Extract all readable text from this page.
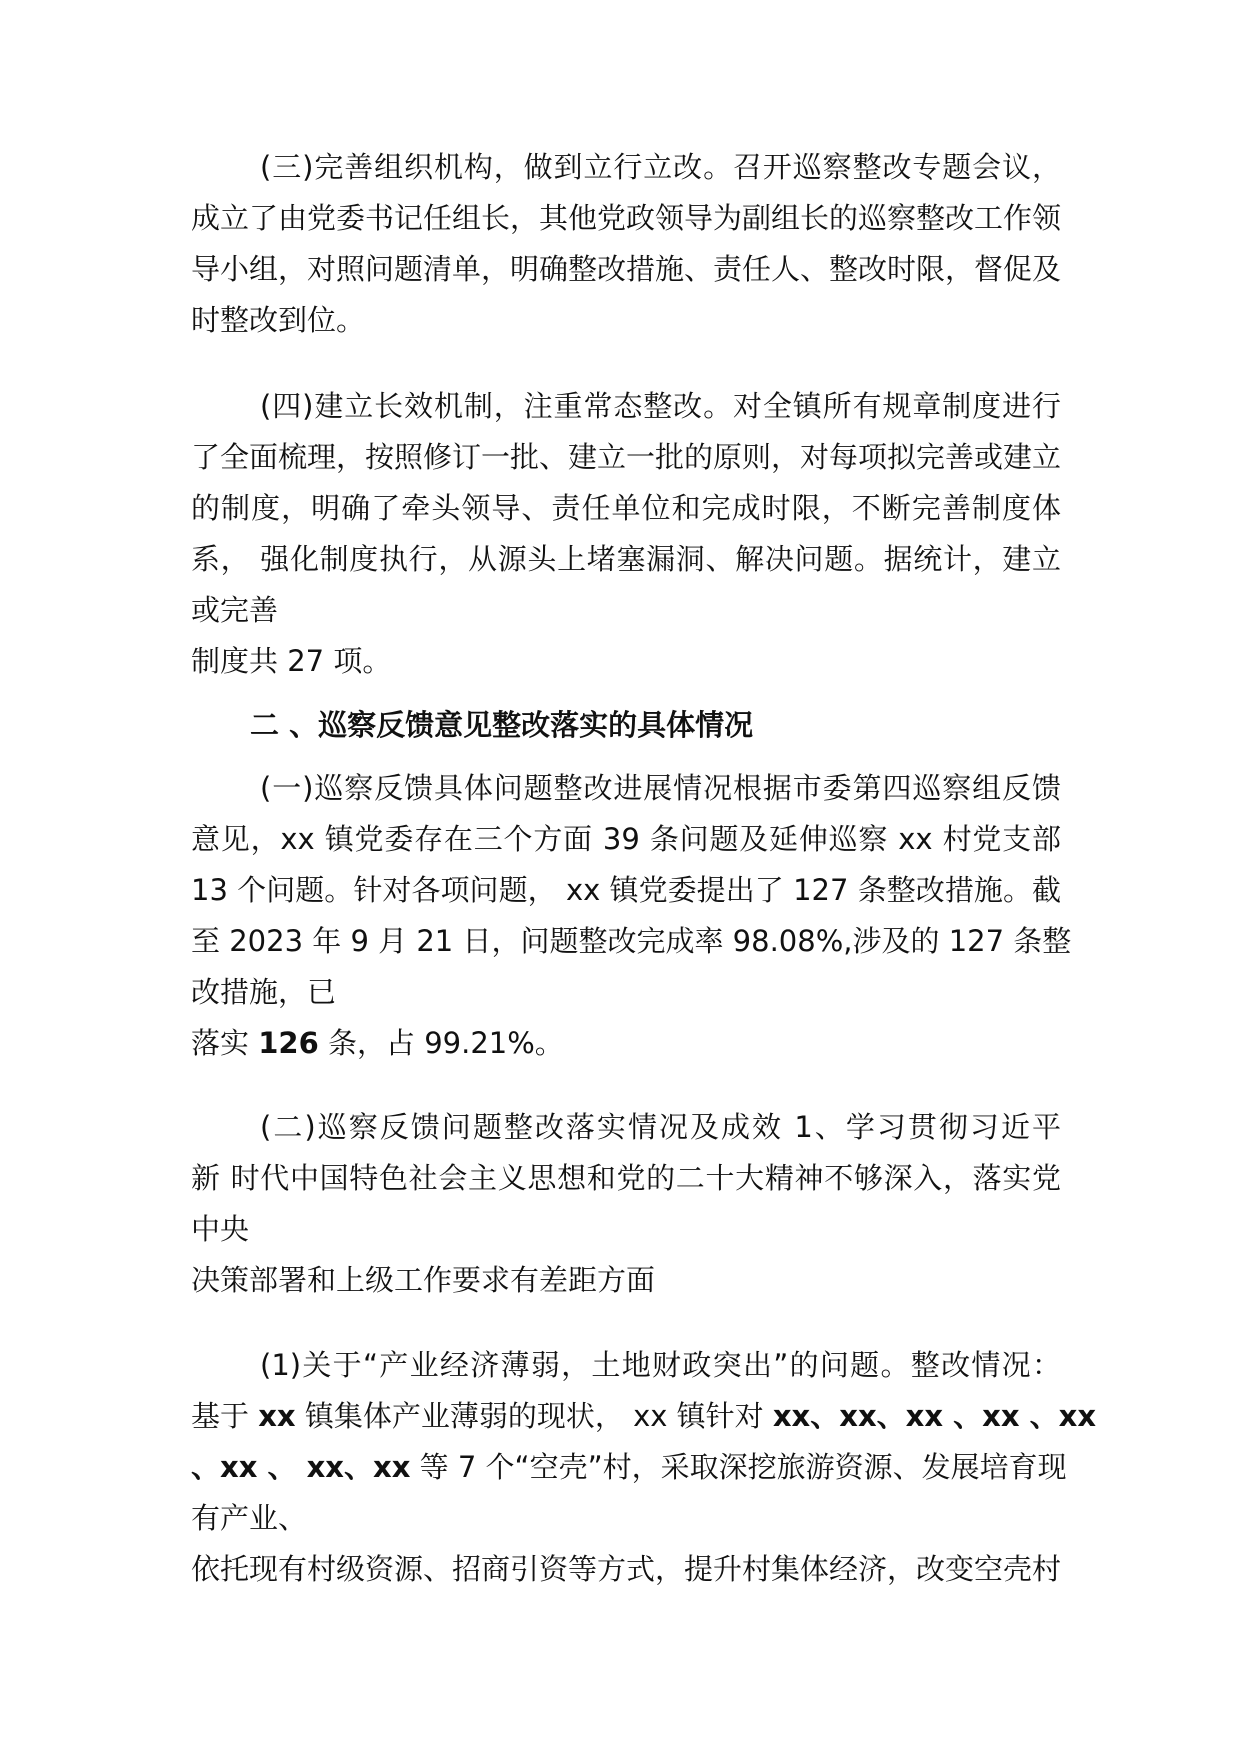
(三)完善组织机构，做到立行立改。召开巡察整改专题会议，
成立了由党委书记任组长，其他党政领导为副组长的巡察整改工作领
导小组，对照问题清单，明确整改措施、责任人、整改时限，督促及
时整改到位。
(四)建立长效机制，注重常态整改。对全镇所有规章制度进行
了全面梳理，按照修订一批、建立一批的原则，对每项拟完善或建立
的制度，明确了牵头领导、责任单位和完成时限，不断完善制度体
系， 强化制度执行，从源头上堵塞漏洞、解决问题。据统计，建立
或完善
制度共 27 项。
二 、巡察反馈意见整改落实的具体情况
(一)巡察反馈具体问题整改进展情况根据市委第四巡察组反馈
意见，xx 镇党委存在三个方面 39 条问题及延伸巡察 xx 村党支部
13 个问题。针对各项问题， xx 镇党委提出了 127 条整改措施。截
至 2023 年 9 月 21 日，问题整改完成率 98.08%,涉及的 127 条整
改措施，已
落实 126 条，占 99.21%。
(二)巡察反馈问题整改落实情况及成效 1、学习贯彻习近平
新 时代中国特色社会主义思想和党的二十大精神不够深入，落实党
中央
决策部署和上级工作要求有差距方面
(1)关于“产业经济薄弱，土地财政突出”的问题。整改情况：
基于 xx 镇集体产业薄弱的现状， xx 镇针对 xx、xx、xx 、xx 、xx
、xx 、 xx、xx 等 7 个“空壳”村，采取深挖旅游资源、发展培育现
有产业、
依托现有村级资源、招商引资等方式，提升村集体经济，改变空壳村
